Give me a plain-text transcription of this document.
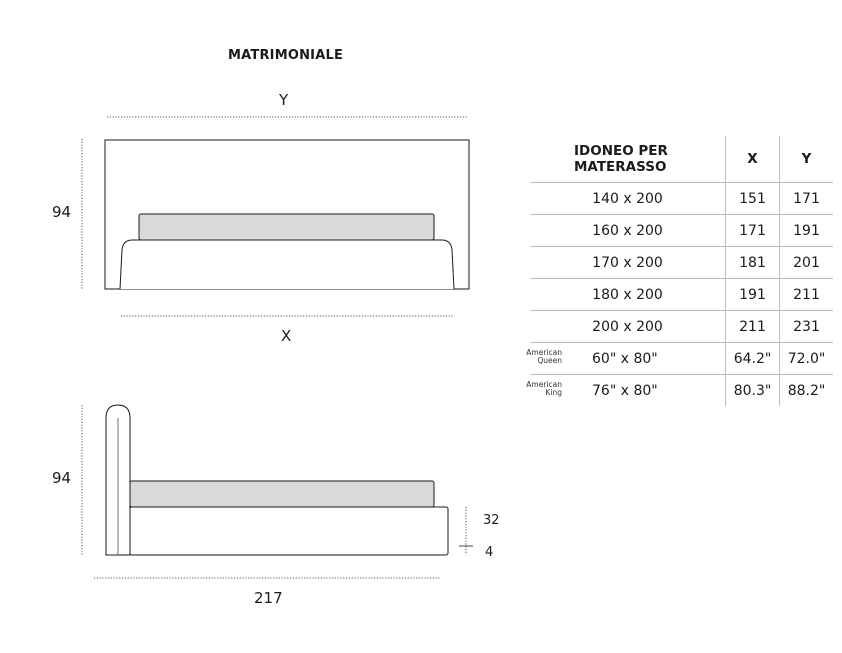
MATRIMONIALE
Y
94
X
94
217
32
4
IDONEO PER
MATERASSO	X	Y
140 x 200	151	171
160 x 200	171	191
170 x 200	181	201
180 x 200	191	211
200 x 200	211	231

American
Queen 60" x 80"	64.2"	72.0"

American
King 76" x 80"	80.3"	88.2"
